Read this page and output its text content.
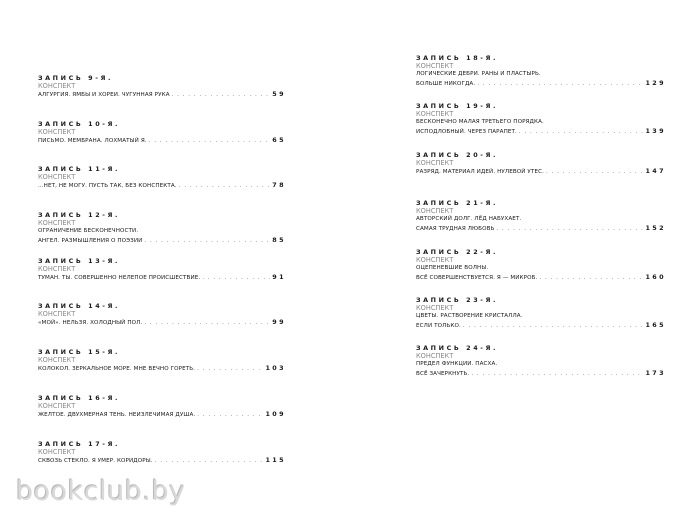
ЗАПИСЬ 9-Я.
КОНСПЕКТ
АЛГУРГИЯ. ЯМБЫ И ХОРЕИ. ЧУГУННАЯ РУКА . . .	59
ЗАПИСЬ 10-Я.
КОНСПЕКТ
ПИСЬМО. МЕМБРАНА. ЛОХМАТЫЙ Я. . . .	65
ЗАПИСЬ 11-Я.
КОНСПЕКТ
...НЕТ, НЕ МОГУ. ПУСТЬ ТАК, БЕЗ КОНСПЕКТА. . . .	78
ЗАПИСЬ 12-Я.
КОНСПЕКТ
ОГРАНИЧЕНИЕ БЕСКОНЕЧНОСТИ.
АНГЕЛ. РАЗМЫШЛЕНИЯ О ПОЭЗИИ . . .	85
ЗАПИСЬ 13-Я.
КОНСПЕКТ
ТУМАН. ТЫ. СОВЕРШЕННО НЕЛЕПОЕ ПРОИСШЕСТВИЕ. . . .	91
ЗАПИСЬ 14-Я.
КОНСПЕКТ
«МОЙ». НЕЛЬЗЯ. ХОЛОДНЫЙ ПОЛ. . . .	99
ЗАПИСЬ 15-Я.
КОНСПЕКТ
КОЛОКОЛ. ЗЕРКАЛЬНОЕ МОРЕ. МНЕ ВЕЧНО ГОРЕТЬ. . . .	103
ЗАПИСЬ 16-Я.
КОНСПЕКТ
ЖЕЛТОЕ. ДВУХМЕРНАЯ ТЕНЬ. НЕИЗЛЕЧИМАЯ ДУША. . . .	109
ЗАПИСЬ 17-Я.
КОНСПЕКТ
СКВОЗЬ СТЕКЛО. Я УМЕР. КОРИДОРЫ. . . .	115
ЗАПИСЬ 18-Я.
КОНСПЕКТ
ЛОГИЧЕСКИЕ ДЕБРИ. РАНЫ И ПЛАСТЫРЬ.
БОЛЬШЕ НИКОГДА. . . .	129
ЗАПИСЬ 19-Я.
КОНСПЕКТ
БЕСКОНЕЧНО МАЛАЯ ТРЕТЬЕГО ПОРЯДКА.
ИСПОДЛОБНЫЙ. ЧЕРЕЗ ПАРАПЕТ. . . .	139
ЗАПИСЬ 20-Я.
КОНСПЕКТ
РАЗРЯД. МАТЕРИАЛ ИДЕЙ. НУЛЕВОЙ УТЕС. . . .	147
ЗАПИСЬ 21-Я.
КОНСПЕКТ
АВТОРСКИЙ ДОЛГ. ЛЁД НАБУХАЕТ.
САМАЯ ТРУДНАЯ ЛЮБОВЬ . . .	152
ЗАПИСЬ 22-Я.
КОНСПЕКТ
ОЦЕПЕНЕВШИЕ ВОЛНЫ.
ВСЁ СОВЕРШЕНСТВУЕТСЯ. Я — МИКРОБ. . . .	160
ЗАПИСЬ 23-Я.
КОНСПЕКТ
ЦВЕТЫ. РАСТВОРЕНИЕ КРИСТАЛЛА.
ЕСЛИ ТОЛЬКО. . . .	165
ЗАПИСЬ 24-Я.
КОНСПЕКТ
ПРЕДЕЛ ФУНКЦИИ. ПАСХА.
ВСЁ ЗАЧЕРКНУТЬ. . . .	173
bookclub.by
